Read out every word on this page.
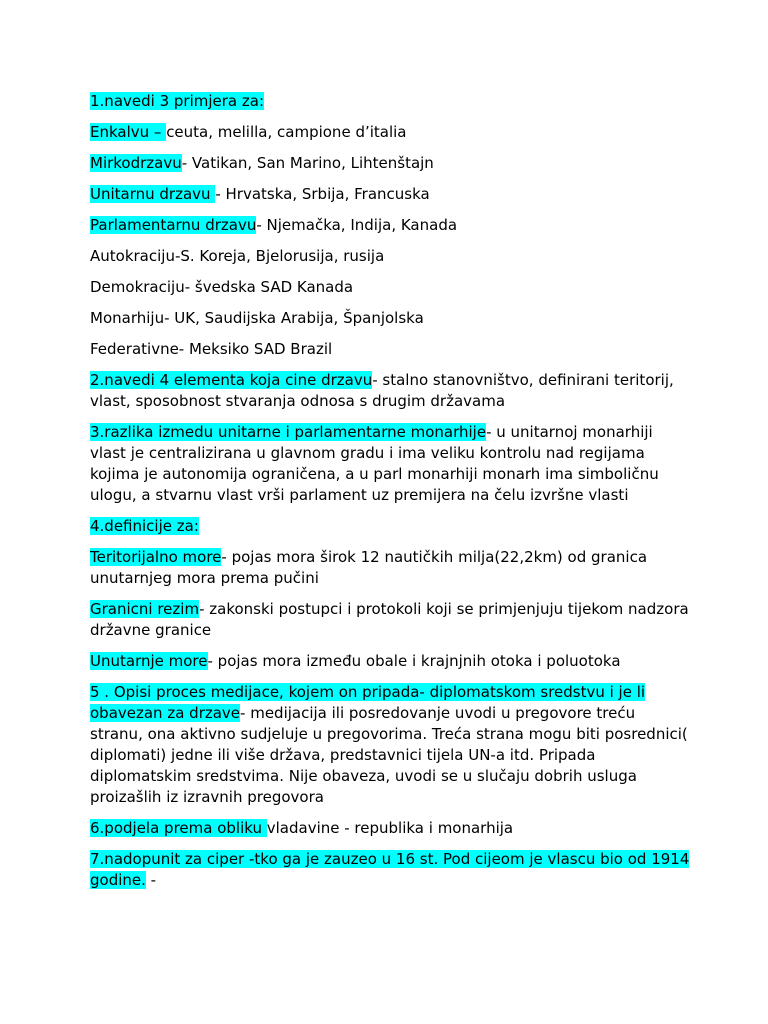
1.navedi 3 primjera za:

Enkalvu – ceuta, melilla, campione d’italia

Mirkodrzavu- Vatikan, San Marino, Lihtenštajn

Unitarnu drzavu - Hrvatska, Srbija, Francuska

Parlamentarnu drzavu- Njemačka, Indija, Kanada

Autokraciju-S. Koreja, Bjelorusija, rusija

Demokraciju- švedska SAD Kanada

Monarhiju- UK, Saudijska Arabija, Španjolska

Federativne- Meksiko SAD Brazil

2.navedi 4 elementa koja cine drzavu- stalno stanovništvo, definirani teritorij, vlast, sposobnost stvaranja odnosa s drugim državama

3.razlika izmedu unitarne i parlamentarne monarhije- u unitarnoj monarhiji vlast je centralizirana u glavnom gradu i ima veliku kontrolu nad regijama kojima je autonomija ograničena, a u parl monarhiji monarh ima simboličnu ulogu, a stvarnu vlast vrši parlament uz premijera na čelu izvršne vlasti

4.definicije za:

Teritorijalno more- pojas mora širok 12 nautičkih milja(22,2km) od granica unutarnjeg mora prema pučini

Granicni rezim- zakonski postupci i protokoli koji se primjenjuju tijekom nadzora državne granice

Unutarnje more- pojas mora između obale i krajnjnih otoka i poluotoka

5 . Opisi proces medijace, kojem on pripada- diplomatskom sredstvu i je li obavezan za drzave- medijacija ili posredovanje uvodi u pregovore treću stranu, ona aktivno sudjeluje u pregovorima. Treća strana mogu biti posrednici( diplomati) jedne ili više država, predstavnici tijela UN-a itd. Pripada diplomatskim sredstvima. Nije obaveza, uvodi se u slučaju dobrih usluga proizašlih iz izravnih pregovora

6.podjela prema obliku vladavine - republika i monarhija

7.nadopunit za ciper -tko ga je zauzeo u 16 st. Pod cijeom je vlascu bio od 1914 godine. -
